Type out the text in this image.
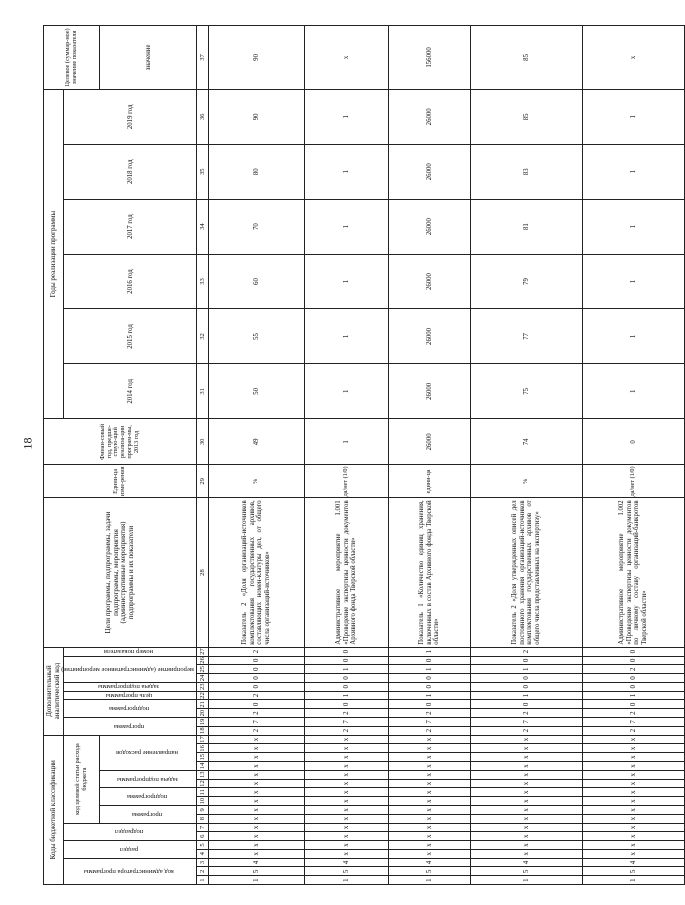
18
Коды бюджетной классификации																	Дополнительный аналитический код										Цели программы, подпрограммы, задачи подпрограммы, мероприятия (административные мероприятия) подпрограммы и их показатели	Едини-ца изме-рения	Финан-совый год, предше-ствую-щий реализа-ции програм-мы, 2013 год	Годы реализации программы						Целевое (суммар-ное) значение показателя
код администратора программы			раздел		подраздел		код целевой статьи расхода бюджета										программа		подпрограмма		цель программы	задача подпрограммы	мероприятие (административное мероприятие)			номер показателя				2014 год	2015 год	2016 год	2017 год	2018 год	2019 год	
							программа		подпрограмма		задача подпрограммы		направление расходов																							значение
1	2	3	4	5	6	7	8	9	10	11	12	13	14	15	16	17	18	19	20	21	22	23	24	25	26	27	28	29	30	31	32	33	34	35	36	37
1	5	4	x	x	x	x	x	x	x	x	x	x	x	x	x	x	2	7	2	0	2	0	0	0	0	2	Показатель 2 «Доля организаций-источников комплектования государственных архивов, составляющих номен-клатуры дел, от общего числа организаций-источников»	%	49	50	55	60	70	80	90	90

1	5	4	x	x	x	x	x	x	x	x	x	x	x	x	x	x	2	7	2	0	1	0	0	1	0	0	Административное мероприятие 1.001 «Проведение экспертизы ценности документов Архивного фонда Тверской области»	да/нет (1/0)	1	1	1	1	1	1	1	x

1	5	4	x	x	x	x	x	x	x	x	x	x	x	x	x	x	2	7	2	0	1	0	0	1	0	1	Показатель 1 «Количество единиц хранения, включенных в состав Архивного фонда Тверской области»	едини-ца	26000	26000	26000	26000	26000	26000	26000	156000

1	5	4	x	x	x	x	x	x	x	x	x	x	x	x	x	x	2	7	2	0	1	0	0	1	0	2	Показатель 2 «Доля утвержденных описей дел постоянного хранения организаций-источников комплектования государственных архивов от общего числа представленных на экспертизу»	%	74	75	77	79	81	83	85	85

1	5	4	x	x	x	x	x	x	x	x	x	x	x	x	x	x	2	7	2	0	1	0	0	2	0	0	Административное мероприятие 1.002 «Проведение экспертизы ценности документов по личному составу организаций-банкротов Тверской области»	да/нет (1/0)	0	1	1	1	1	1	1	x
